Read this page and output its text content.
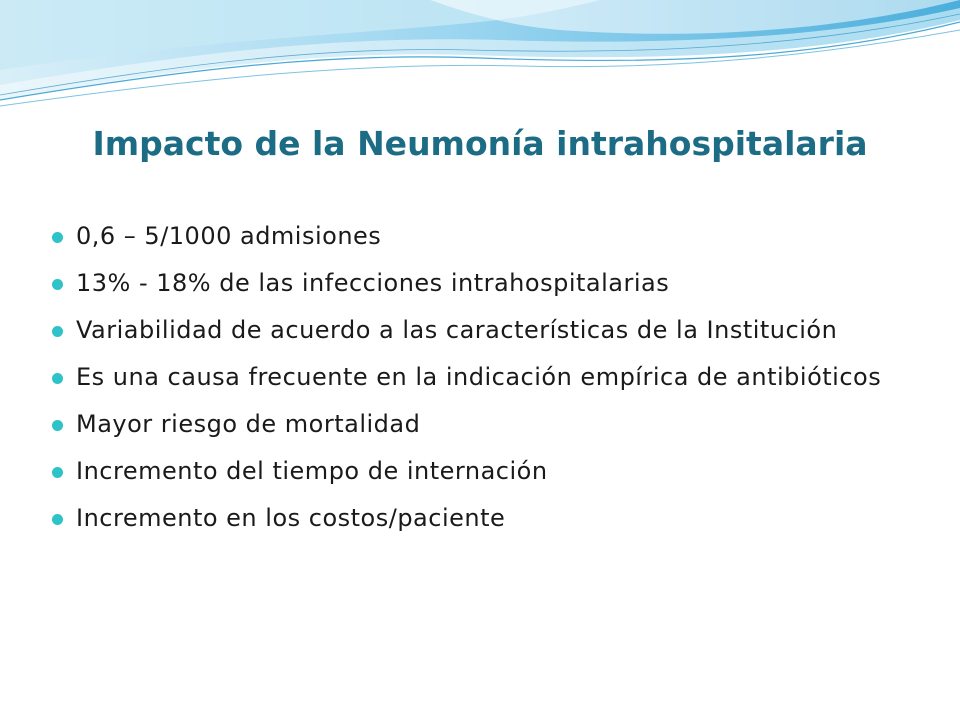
Impacto de la Neumonía intrahospitalaria
0,6 – 5/1000 admisiones
13% - 18% de las infecciones intrahospitalarias
Variabilidad de acuerdo a las características de la Institución
Es una causa frecuente en la indicación empírica de antibióticos
Mayor riesgo de mortalidad
Incremento del tiempo de internación
Incremento en los costos/paciente
